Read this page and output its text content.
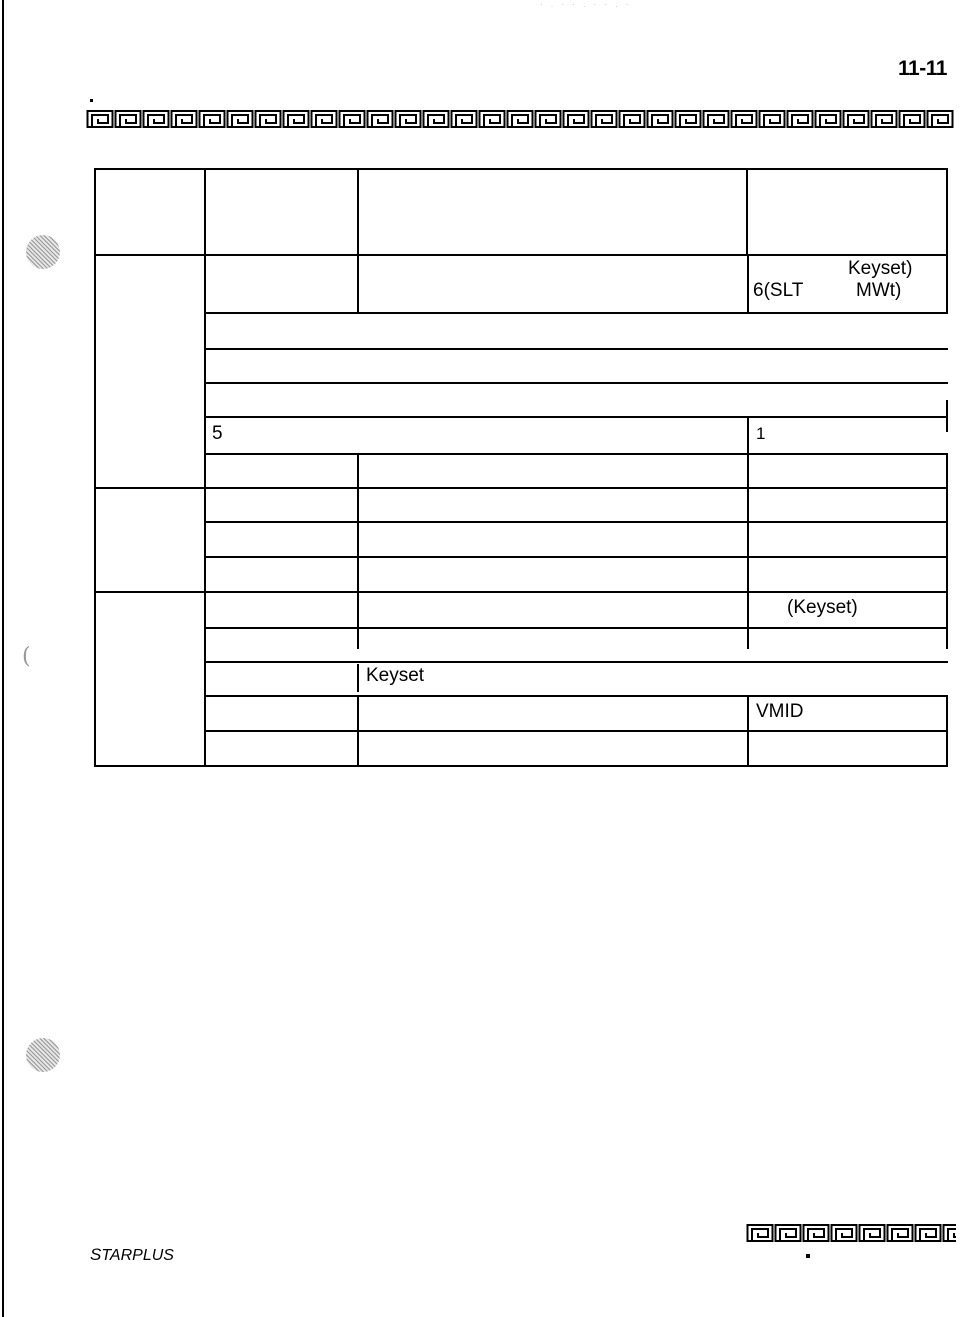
· . · · . · · . ·
11-11
(
Keyset)
6(SLT	MWt)
5	1
(Keyset)
Keyset
VMID
STARPLUS
